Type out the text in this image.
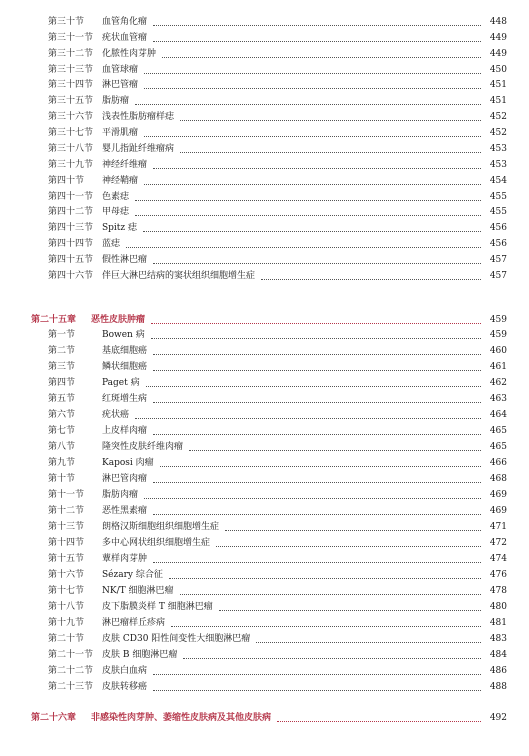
第三十节	血管角化瘤	448
第三十一节 疣状血管瘤	449
第三十二节 化脓性肉芽肿	449
第三十三节 血管球瘤	450
第三十四节 淋巴管瘤	451
第三十五节 脂肪瘤	451
第三十六节 浅表性脂肪瘤样痣	452
第三十七节 平滑肌瘤	452
第三十八节 婴儿指趾纤维瘤病	453
第三十九节 神经纤维瘤	453
第四十节	神经鞘瘤	454
第四十一节 色素痣	455
第四十二节 甲母痣	455
第四十三节 Spitz 痣	456
第四十四节 蓝痣	456
第四十五节 假性淋巴瘤	457
第四十六节 伴巨大淋巴结病的窦状组织细胞增生症	457
第二十五章	恶性皮肤肿瘤	459
第一节	Bowen 病	459
第二节	基底细胞癌	460
第三节	鳞状细胞癌	461
第四节	Paget 病	462
第五节	红斑增生病	463
第六节	疣状癌	464
第七节	上皮样肉瘤	465
第八节	隆突性皮肤纤维肉瘤	465
第九节	Kaposi 肉瘤	466
第十节	淋巴管肉瘤	468
第十一节	脂肪肉瘤	469
第十二节	恶性黑素瘤	469
第十三节	朗格汉斯细胞组织细胞增生症	471
第十四节	多中心网状组织细胞增生症	472
第十五节	蕈样肉芽肿	474
第十六节	Sézary 综合征	476
第十七节	NK/T 细胞淋巴瘤	478
第十八节	皮下脂膜炎样 T 细胞淋巴瘤	480
第十九节	淋巴瘤样丘疹病	481
第二十节	皮肤 CD30 阳性间变性大细胞淋巴瘤	483
第二十一节 皮肤 B 细胞淋巴瘤	484
第二十二节 皮肤白血病	486
第二十三节 皮肤转移癌	488
第二十六章	非感染性肉芽肿、萎缩性皮肤病及其他皮肤病	492
